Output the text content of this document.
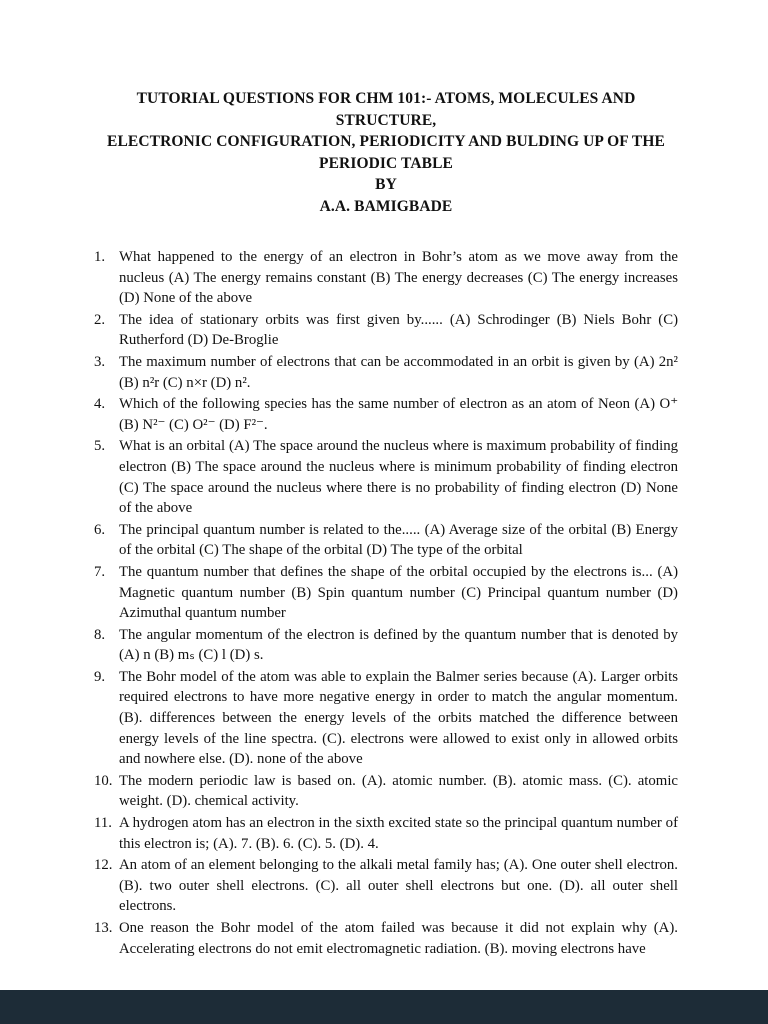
TUTORIAL QUESTIONS FOR CHM 101:- ATOMS, MOLECULES AND STRUCTURE,
ELECTRONIC CONFIGURATION, PERIODICITY AND BULDING UP OF THE
PERIODIC TABLE
BY
A.A. BAMIGBADE
1. What happened to the energy of an electron in Bohr’s atom as we move away from the nucleus (A) The energy remains constant (B) The energy decreases (C) The energy increases (D) None of the above
2. The idea of stationary orbits was first given by...... (A) Schrodinger (B) Niels Bohr (C) Rutherford (D) De-Broglie
3. The maximum number of electrons that can be accommodated in an orbit is given by (A) 2n² (B) n²r (C) n×r (D) n².
4. Which of the following species has the same number of electron as an atom of Neon (A) O⁺ (B) N²⁻ (C) O²⁻ (D) F²⁻.
5. What is an orbital (A) The space around the nucleus where is maximum probability of finding electron (B) The space around the nucleus where is minimum probability of finding electron (C) The space around the nucleus where there is no probability of finding electron (D) None of the above
6. The principal quantum number is related to the..... (A) Average size of the orbital (B) Energy of the orbital (C) The shape of the orbital (D) The type of the orbital
7. The quantum number that defines the shape of the orbital occupied by the electrons is... (A) Magnetic quantum number (B) Spin quantum number (C) Principal quantum number (D) Azimuthal quantum number
8. The angular momentum of the electron is defined by the quantum number that is denoted by (A) n (B) mₛ (C) l (D) s.
9. The Bohr model of the atom was able to explain the Balmer series because (A). Larger orbits required electrons to have more negative energy in order to match the angular momentum. (B). differences between the energy levels of the orbits matched the difference between energy levels of the line spectra. (C). electrons were allowed to exist only in allowed orbits and nowhere else. (D). none of the above
10. The modern periodic law is based on. (A). atomic number. (B). atomic mass. (C). atomic weight. (D). chemical activity.
11. A hydrogen atom has an electron in the sixth excited state so the principal quantum number of this electron is; (A). 7. (B). 6. (C). 5. (D). 4.
12. An atom of an element belonging to the alkali metal family has; (A). One outer shell electron. (B). two outer shell electrons. (C). all outer shell electrons but one. (D). all outer shell electrons.
13. One reason the Bohr model of the atom failed was because it did not explain why (A). Accelerating electrons do not emit electromagnetic radiation. (B). moving electrons have
